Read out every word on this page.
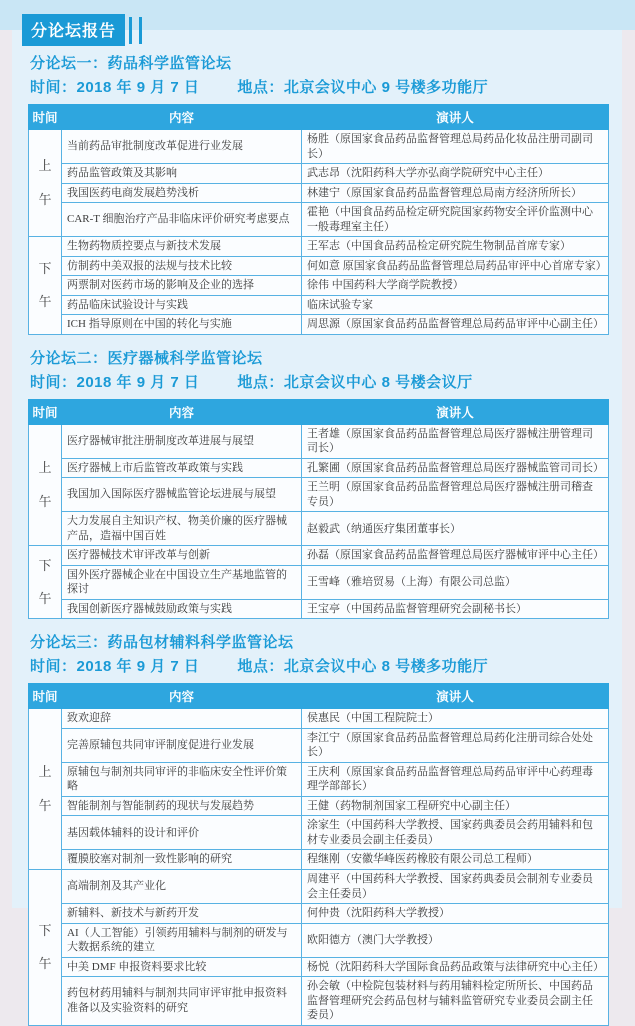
分论坛报告
分论坛一：药品科学监管论坛
时间：2018 年 9 月 7 日	地点：北京会议中心 9 号楼多功能厅
时间	内容	演讲人

上午	当前药品审批制度改革促进行业发展	杨胜（原国家食品药品监督管理总局药品化妆品注册司副司长）
	药品监管政策及其影响	武志昂（沈阳药科大学亦弘商学院研究中心主任）
	我国医药电商发展趋势浅析	林建宁（原国家食品药品监督管理总局南方经济所所长）
	CAR-T 细胞治疗产品非临床评价研究考虑要点	霍艳（中国食品药品检定研究院国家药物安全评价监测中心一般毒理室主任）

下午	生物药物质控要点与新技术发展	王军志（中国食品药品检定研究院生物制品首席专家）
	仿制药中美双报的法规与技术比较	何如意 原国家食品药品监督管理总局药品审评中心首席专家）
	两票制对医药市场的影响及企业的选择	徐伟 中国药科大学商学院教授）
	药品临床试验设计与实践	临床试验专家
	ICH 指导原则在中国的转化与实施	周思源（原国家食品药品监督管理总局药品审评中心副主任）
分论坛二：医疗器械科学监管论坛
时间：2018 年 9 月 7 日	地点：北京会议中心 8 号楼会议厅
时间	内容	演讲人

上午	医疗器械审批注册制度改革进展与展望	王者雄（原国家食品药品监督管理总局医疗器械注册管理司司长）
	医疗器械上市后监管改革政策与实践	孔繁圃（原国家食品药品监督管理总局医疗器械监管司司长）
	我国加入国际医疗器械监管论坛进展与展望	王兰明（原国家食品药品监督管理总局医疗器械注册司稽查专员）
	大力发展自主知识产权、物美价廉的医疗器械产品，造福中国百姓	赵毅武（纳通医疗集团董事长）

下午	医疗器械技术审评改革与创新	孙磊（原国家食品药品监督管理总局医疗器械审评中心主任）
	国外医疗器械企业在中国设立生产基地监管的探讨	王雪峰（雅培贸易（上海）有限公司总监）
	我国创新医疗器械鼓励政策与实践	王宝亭（中国药品监督管理研究会副秘书长）
分论坛三：药品包材辅料科学监管论坛
时间：2018 年 9 月 7 日	地点：北京会议中心 8 号楼多功能厅
时间	内容	演讲人

上午	致欢迎辞	侯惠民（中国工程院院士）
	完善原辅包共同审评制度促进行业发展	李江宁（原国家食品药品监督管理总局药化注册司综合处处长）
	原辅包与制剂共同审评的非临床安全性评价策略	王庆利（原国家食品药品监督管理总局药品审评中心药理毒理学部部长）
	智能制剂与智能制药的现状与发展趋势	王健（药物制剂国家工程研究中心副主任）
	基因载体辅料的设计和评价	涂家生（中国药科大学教授、国家药典委员会药用辅料和包材专业委员会副主任委员）
	覆膜胶塞对制剂一致性影响的研究	程继刚（安徽华峰医药橡胶有限公司总工程师）

下午	高端制剂及其产业化	周建平（中国药科大学教授、国家药典委员会制剂专业委员会主任委员）
	新辅料、新技术与新药开发	何仲贵（沈阳药科大学教授）
	AI（人工智能）引领药用辅料与制剂的研发与大数据系统的建立	欧阳德方（澳门大学教授）
	中美 DMF 申报资料要求比较	杨悦（沈阳药科大学国际食品药品政策与法律研究中心主任）
	药包材药用辅料与制剂共同审评审批申报资料准备以及实验资料的研究	孙会敏（中检院包装材料与药用辅料检定所所长、中国药品监督管理研究会药品包材与辅料监管研究专业委员会副主任委员）
